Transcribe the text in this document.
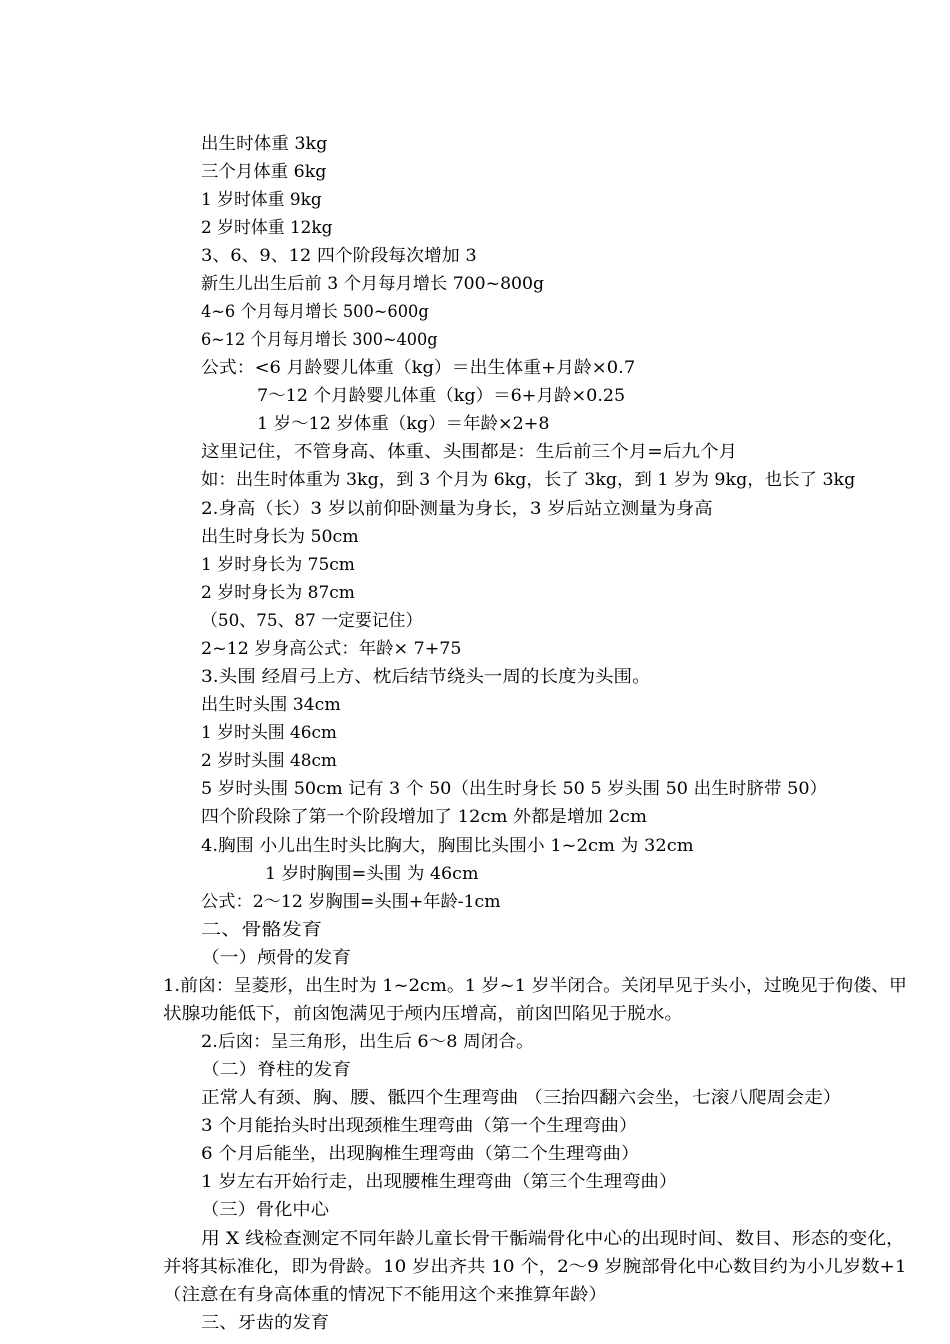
出生时体重 3kg
三个月体重 6kg
1 岁时体重 9kg
2 岁时体重 12kg
3、6、9、12 四个阶段每次增加 3
新生儿出生后前 3 个月每月增长 700~800g
4~6 个月每月增长 500~600g
6~12 个月每月增长 300~400g
公式：<6 月龄婴儿体重（kg）＝出生体重+月龄×0.7
7～12 个月龄婴儿体重（kg）＝6+月龄×0.25
1 岁～12 岁体重（kg）＝年龄×2+8
这里记住，不管身高、体重、头围都是：生后前三个月=后九个月
如：出生时体重为 3kg，到 3 个月为 6kg，长了 3kg，到 1 岁为 9kg，也长了 3kg
2.身高（长）3 岁以前仰卧测量为身长，3 岁后站立测量为身高
出生时身长为 50cm
1 岁时身长为 75cm
2 岁时身长为 87cm
（50、75、87 一定要记住）
2~12 岁身高公式：年龄× 7+75
3.头围 经眉弓上方、枕后结节绕头一周的长度为头围。
出生时头围 34cm
1 岁时头围 46cm
2 岁时头围 48cm
5 岁时头围 50cm 记有 3 个 50（出生时身长 50 5 岁头围 50 出生时脐带 50）
四个阶段除了第一个阶段增加了 12cm 外都是增加 2cm
4.胸围 小儿出生时头比胸大，胸围比头围小 1~2cm 为 32cm
1 岁时胸围=头围 为 46cm
公式：2～12 岁胸围=头围+年龄-1cm
二、骨骼发育
（一）颅骨的发育
1.前囟：呈菱形，出生时为 1~2cm。1 岁~1 岁半闭合。关闭早见于头小，过晚见于佝偻、甲
状腺功能低下，前囟饱满见于颅内压增高，前囟凹陷见于脱水。
2.后囟：呈三角形，出生后 6～8 周闭合。
（二）脊柱的发育
正常人有颈、胸、腰、骶四个生理弯曲 （三抬四翻六会坐，七滚八爬周会走）
3 个月能抬头时出现颈椎生理弯曲（第一个生理弯曲）
6 个月后能坐，出现胸椎生理弯曲（第二个生理弯曲）
1 岁左右开始行走，出现腰椎生理弯曲（第三个生理弯曲）
（三）骨化中心
用 X 线检查测定不同年龄儿童长骨干骺端骨化中心的出现时间、数目、形态的变化，
并将其标准化，即为骨龄。10 岁出齐共 10 个，2～9 岁腕部骨化中心数目约为小儿岁数+1
（注意在有身高体重的情况下不能用这个来推算年龄）
三、牙齿的发育
